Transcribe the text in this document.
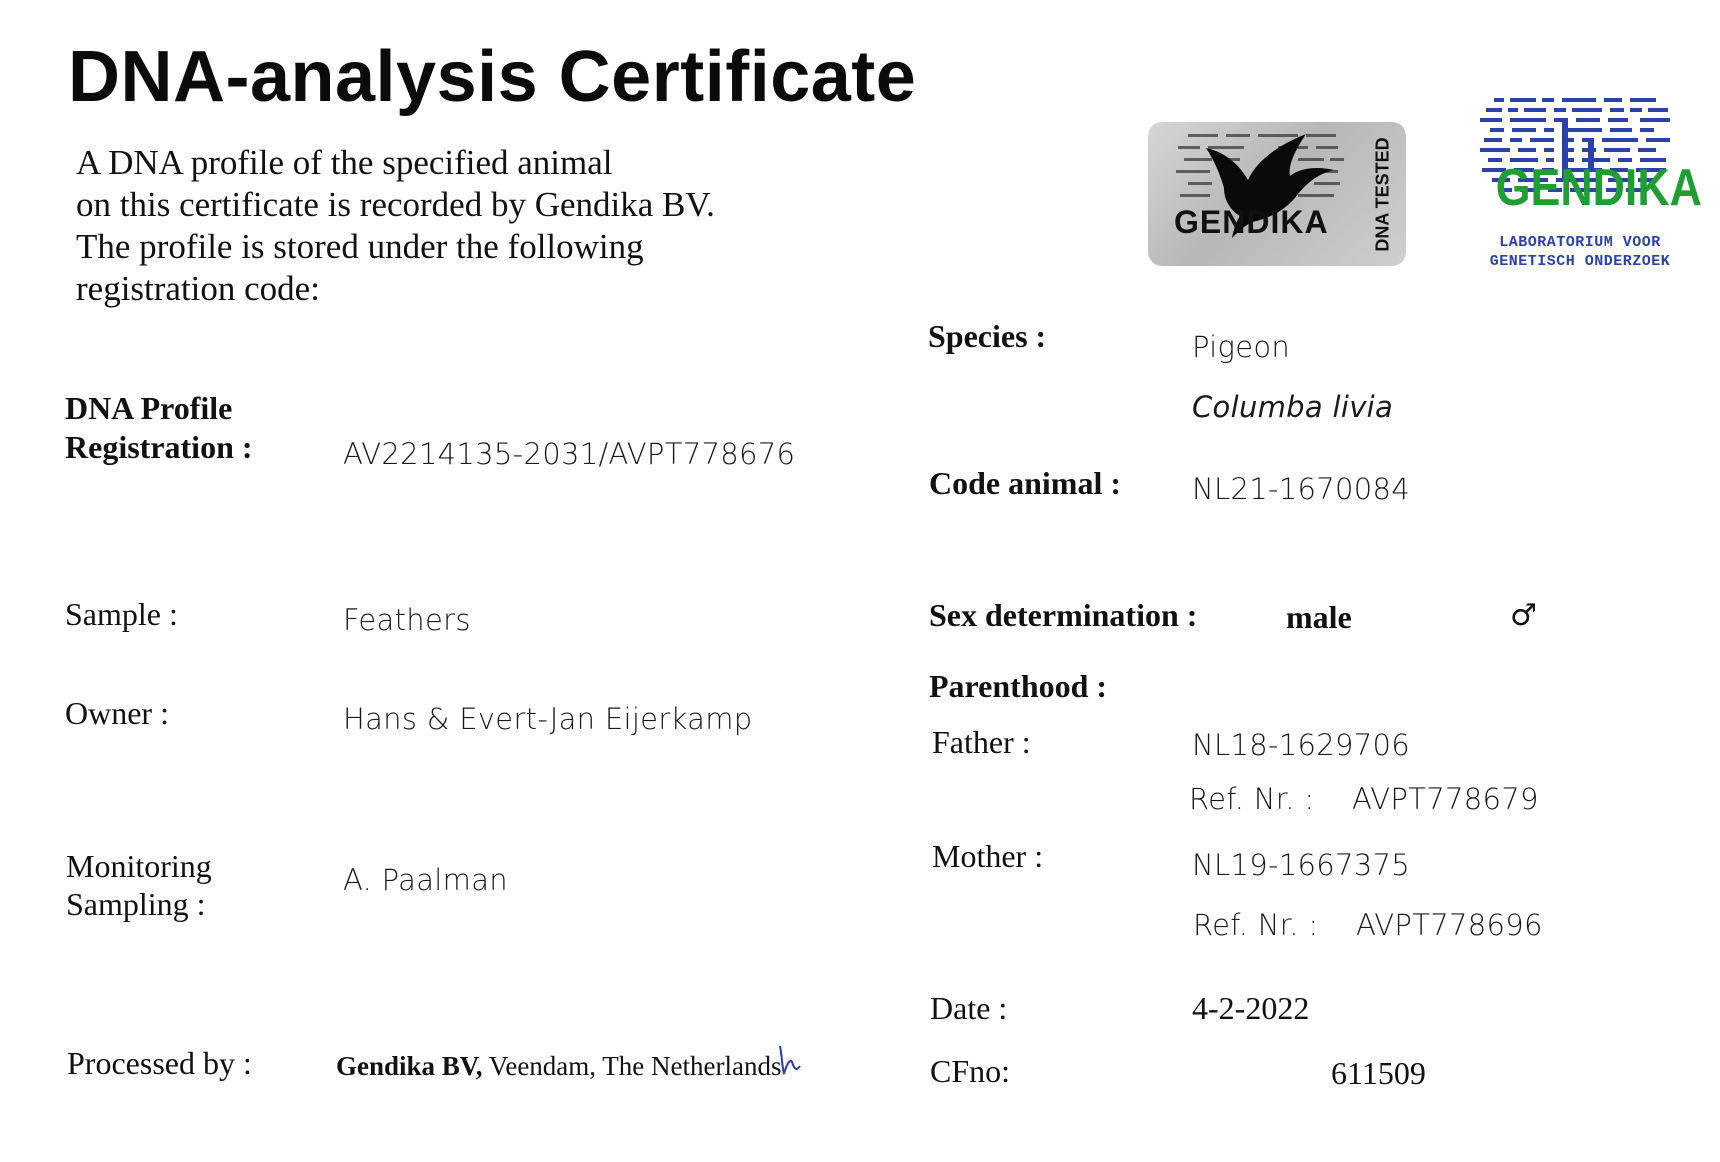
DNA-analysis Certificate
A DNA profile of the specified animal
on this certificate is recorded by Gendika BV.
The profile is stored under the following
registration code:
GENDIKA DNA TESTED GENDIKA
LABORATORIUM VOOR
GENETISCH ONDERZOEK
DNA Profile
Registration :	AV2214135-2031/AVPT778676
Sample :	Feathers
Owner :	Hans & Evert-Jan Eijerkamp
Monitoring
Sampling :
A. Paalman
Processed by :	Gendika BV, Veendam, The Netherlands
Species :	Pigeon
Columba livia
Code animal : NL21-1670084
Sex determination :	male	♂
Parenthood :
Father :	NL18-1629706
Ref. Nr. : AVPT778679
Mother :	NL19-1667375
Ref. Nr. : AVPT778696
Date :	4-2-2022
CFno:	611509
